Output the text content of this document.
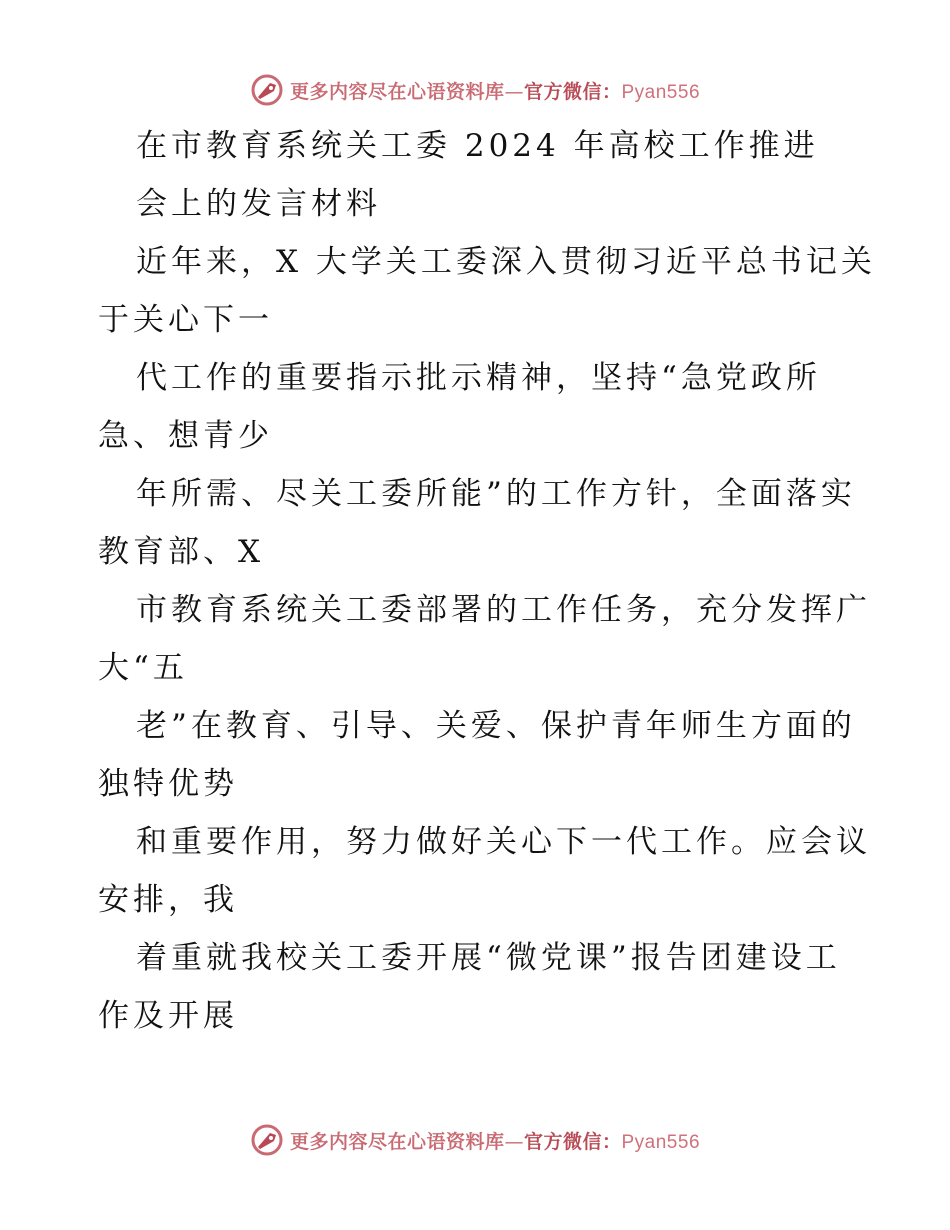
更多内容尽在心语资料库—官方微信：Pyan556
在市教育系统关工委 2024 年高校工作推进
会上的发言材料
近年来，X 大学关工委深入贯彻习近平总书记关
于关心下一
代工作的重要指示批示精神，坚持“急党政所
急、想青少
年所需、尽关工委所能”的工作方针，全面落实
教育部、X
市教育系统关工委部署的工作任务，充分发挥广
大“五
老”在教育、引导、关爱、保护青年师生方面的
独特优势
和重要作用，努力做好关心下一代工作。应会议
安排，我
着重就我校关工委开展“微党课”报告团建设工
作及开展
更多内容尽在心语资料库—官方微信：Pyan556
